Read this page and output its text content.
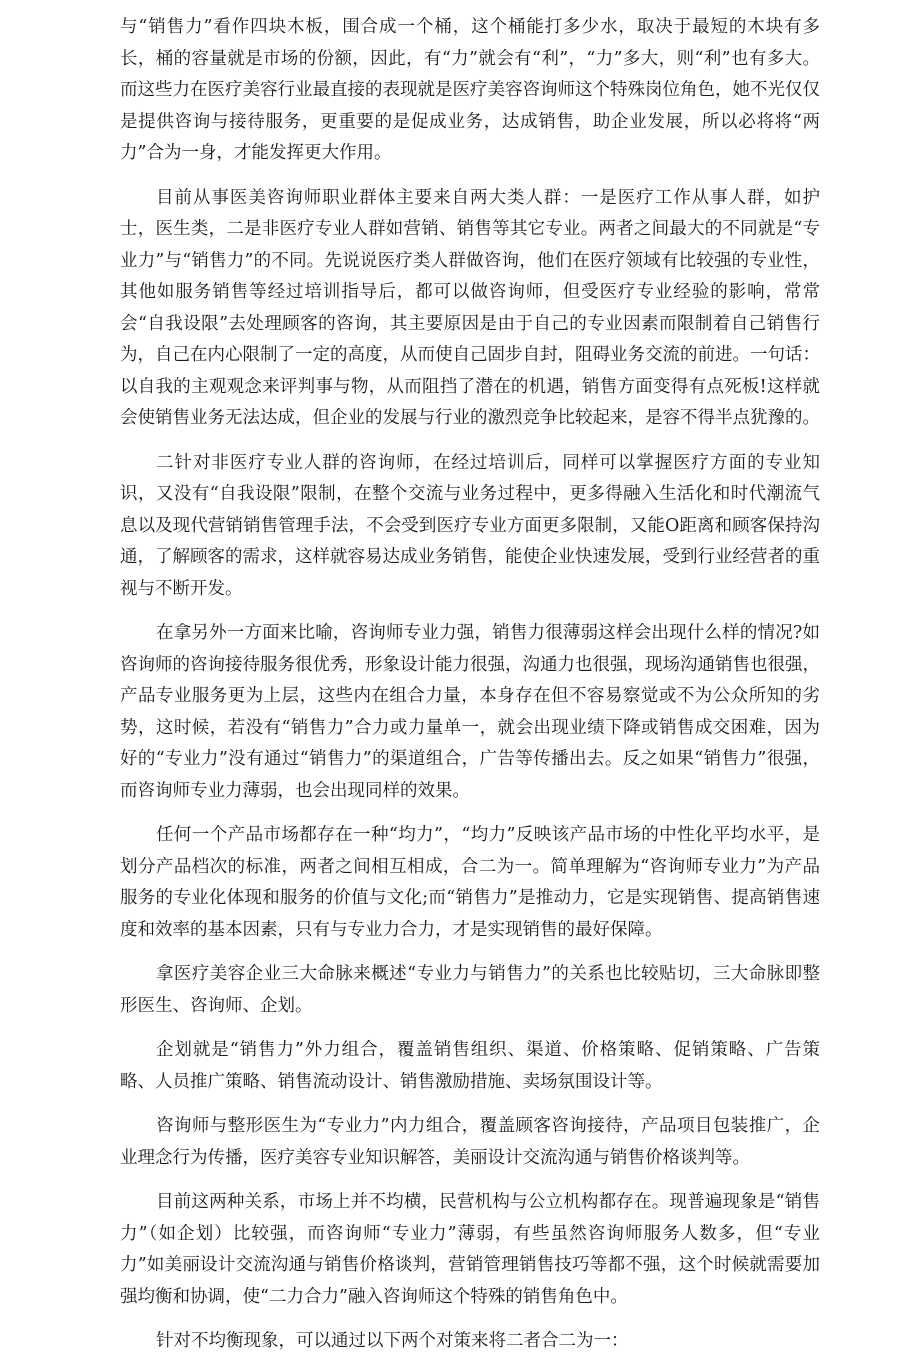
与“销售力”看作四块木板，围合成一个桶，这个桶能打多少水，取决于最短的木块有多长，桶的容量就是市场的份额，因此，有“力”就会有“利”，“力”多大，则“利”也有多大。而这些力在医疗美容行业最直接的表现就是医疗美容咨询师这个特殊岗位角色，她不光仅仅是提供咨询与接待服务，更重要的是促成业务，达成销售，助企业发展，所以必将将“两力”合为一身，才能发挥更大作用。

目前从事医美咨询师职业群体主要来自两大类人群：一是医疗工作从事人群，如护士，医生类，二是非医疗专业人群如营销、销售等其它专业。两者之间最大的不同就是“专业力”与“销售力”的不同。先说说医疗类人群做咨询，他们在医疗领域有比较强的专业性，其他如服务销售等经过培训指导后，都可以做咨询师，但受医疗专业经验的影响，常常会“自我设限”去处理顾客的咨询，其主要原因是由于自己的专业因素而限制着自己销售行为，自己在内心限制了一定的高度，从而使自己固步自封，阻碍业务交流的前进。一句话：以自我的主观观念来评判事与物，从而阻挡了潜在的机遇，销售方面变得有点死板!这样就会使销售业务无法达成，但企业的发展与行业的激烈竞争比较起来，是容不得半点犹豫的。

二针对非医疗专业人群的咨询师，在经过培训后，同样可以掌握医疗方面的专业知识，又没有“自我设限”限制，在整个交流与业务过程中，更多得融入生活化和时代潮流气息以及现代营销销售管理手法，不会受到医疗专业方面更多限制，又能O距离和顾客保持沟通，了解顾客的需求，这样就容易达成业务销售，能使企业快速发展，受到行业经营者的重视与不断开发。

在拿另外一方面来比喻，咨询师专业力强，销售力很薄弱这样会出现什么样的情况?如咨询师的咨询接待服务很优秀，形象设计能力很强，沟通力也很强，现场沟通销售也很强，产品专业服务更为上层，这些内在组合力量，本身存在但不容易察觉或不为公众所知的劣势，这时候，若没有“销售力”合力或力量单一，就会出现业绩下降或销售成交困难，因为好的“专业力”没有通过“销售力”的渠道组合，广告等传播出去。反之如果“销售力”很强，而咨询师专业力薄弱，也会出现同样的效果。

任何一个产品市场都存在一种“均力”，“均力”反映该产品市场的中性化平均水平，是划分产品档次的标准，两者之间相互相成，合二为一。简单理解为“咨询师专业力”为产品服务的专业化体现和服务的价值与文化;而“销售力”是推动力，它是实现销售、提高销售速度和效率的基本因素，只有与专业力合力，才是实现销售的最好保障。

拿医疗美容企业三大命脉来概述“专业力与销售力”的关系也比较贴切，三大命脉即整形医生、咨询师、企划。

企划就是“销售力”外力组合，覆盖销售组织、渠道、价格策略、促销策略、广告策略、人员推广策略、销售流动设计、销售激励措施、卖场氛围设计等。

咨询师与整形医生为“专业力”内力组合，覆盖顾客咨询接待，产品项目包装推广，企业理念行为传播，医疗美容专业知识解答，美丽设计交流沟通与销售价格谈判等。

目前这两种关系，市场上并不均横，民营机构与公立机构都存在。现普遍现象是“销售力”（如企划）比较强，而咨询师“专业力”薄弱，有些虽然咨询师服务人数多，但“专业力”如美丽设计交流沟通与销售价格谈判，营销管理销售技巧等都不强，这个时候就需要加强均衡和协调，使“二力合力”融入咨询师这个特殊的销售角色中。

针对不均衡现象，可以通过以下两个对策来将二者合二为一：
